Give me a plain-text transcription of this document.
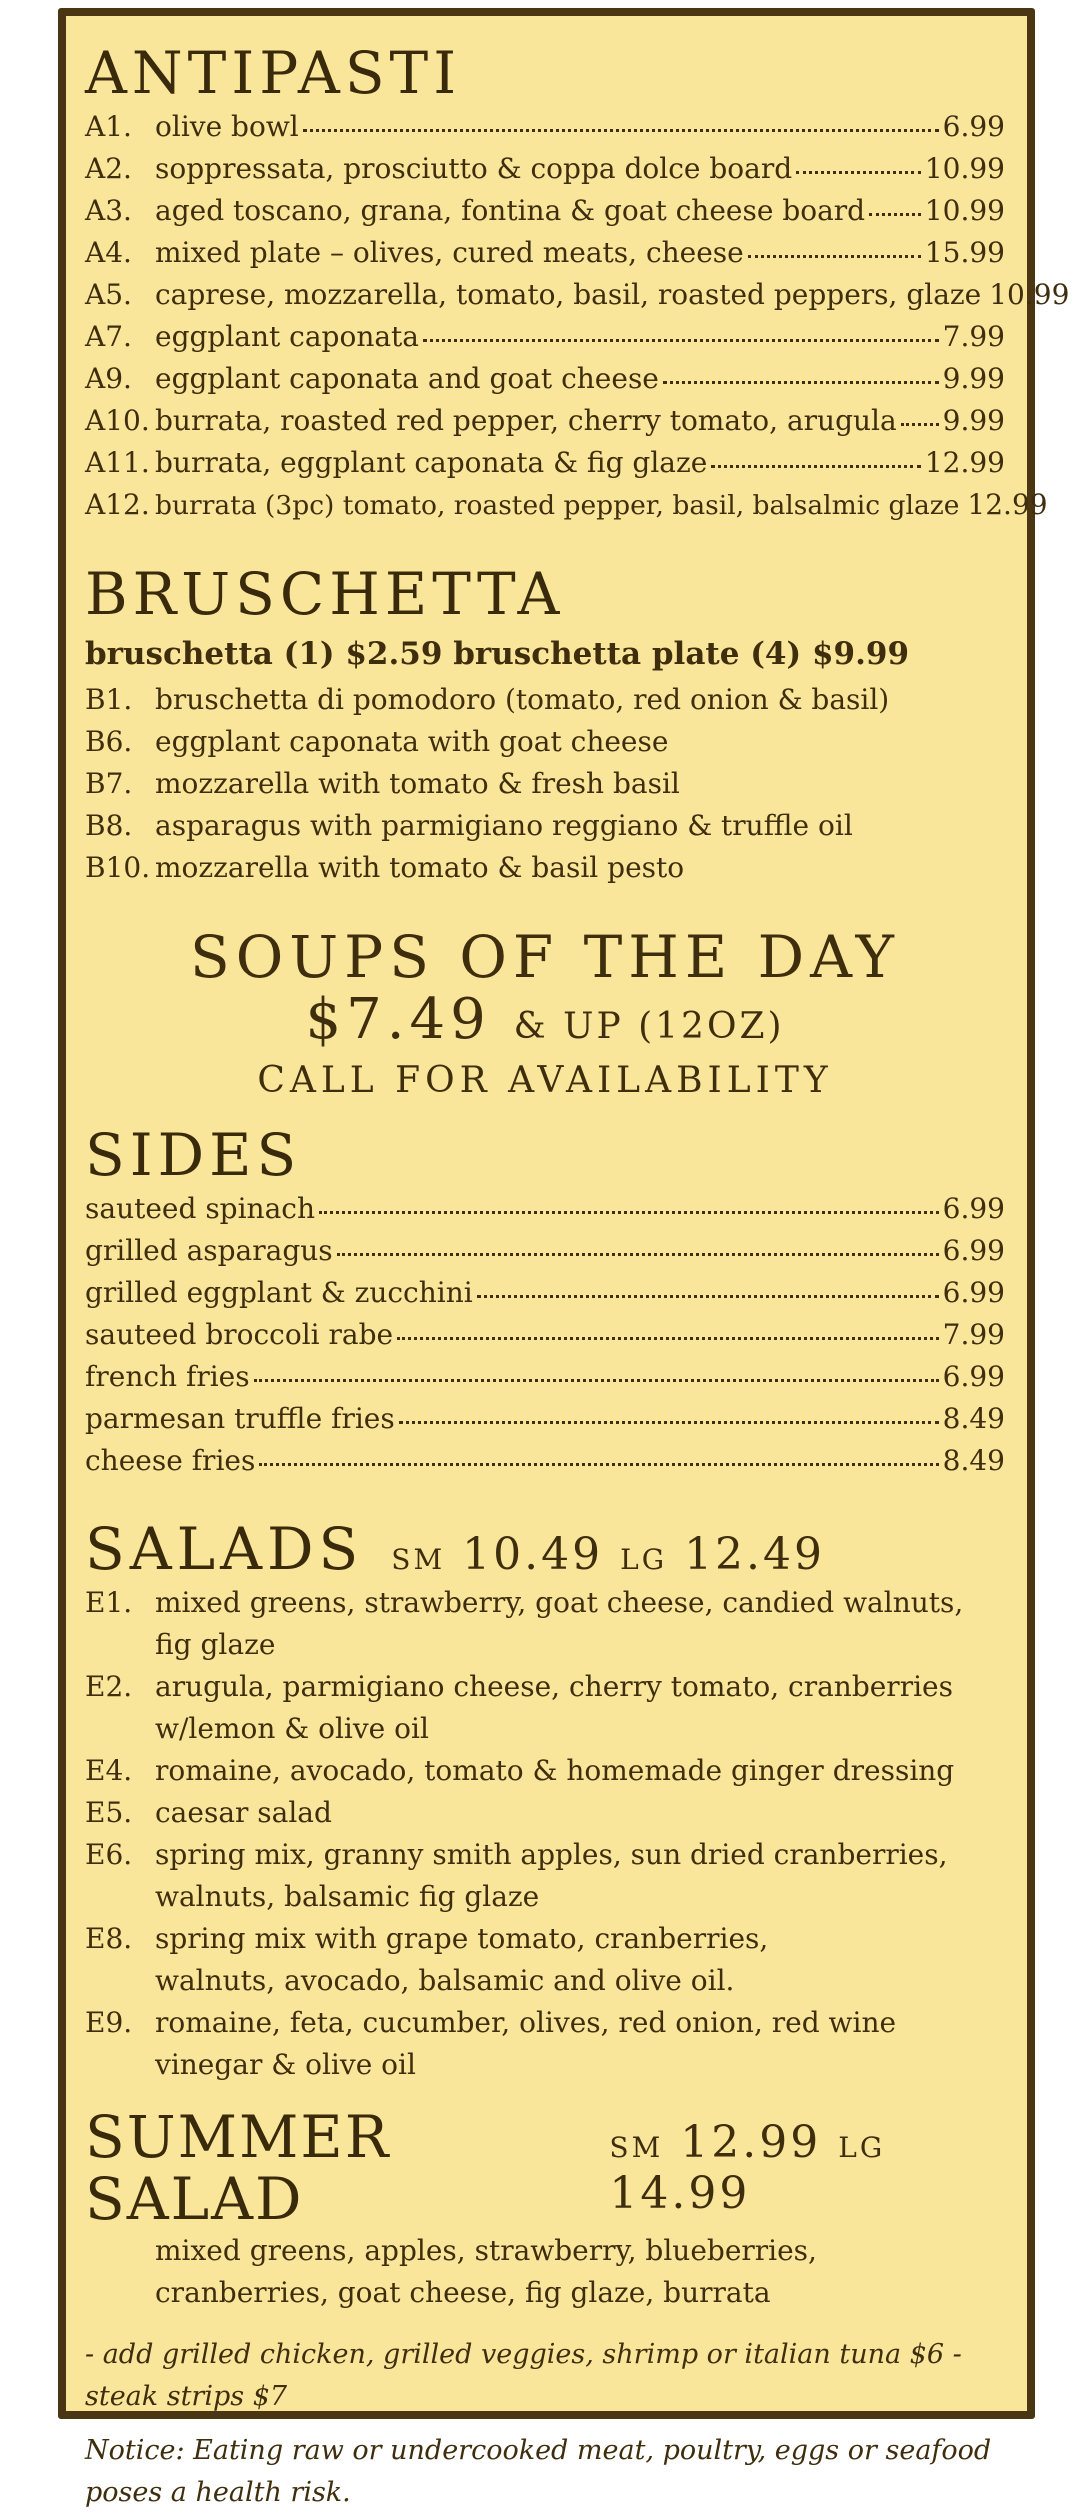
ANTIPASTI
A1. olive bowl	6.99
A2. soppressata, prosciutto & coppa dolce board	10.99
A3. aged toscano, grana, fontina & goat cheese board 10.99
A4. mixed plate – olives, cured meats, cheese	15.99
A5. caprese, mozzarella, tomato, basil, roasted peppers, glaze 10.99
A7. eggplant caponata	7.99
A9. eggplant caponata and goat cheese	9.99
A10. burrata, roasted red pepper, cherry tomato, arugula 9.99
A11. burrata, eggplant caponata & fig glaze	12.99
A12. burrata (3pc) tomato, roasted pepper, basil, balsalmic glaze 12.99
BRUSCHETTA
bruschetta (1) $2.59 bruschetta plate (4) $9.99
B1. bruschetta di pomodoro (tomato, red onion & basil)
B6. eggplant caponata with goat cheese
B7. mozzarella with tomato & fresh basil
B8. asparagus with parmigiano reggiano & truffle oil
B10. mozzarella with tomato & basil pesto
SOUPS OF THE DAY
$7.49 & UP (12OZ)
CALL FOR AVAILABILITY
SIDES
sauteed spinach	6.99
grilled asparagus	6.99
grilled eggplant & zucchini	6.99
sauteed broccoli rabe	7.99
french fries	6.99
parmesan truffle fries	8.49
cheese fries	8.49
SALADS SM 10.49 LG 12.49
E1. mixed greens, strawberry, goat cheese, candied walnuts, fig glaze
E2. arugula, parmigiano cheese, cherry tomato, cranberries w/lemon & olive oil
E4. romaine, avocado, tomato & homemade ginger dressing
E5. caesar salad
E6. spring mix, granny smith apples, sun dried cranberries, walnuts, balsamic fig glaze
E8. spring mix with grape tomato, cranberries, walnuts, avocado, balsamic and olive oil.
E9. romaine, feta, cucumber, olives, red onion, red wine vinegar & olive oil
SUMMER SALAD
SM 12.99 LG 14.99
mixed greens, apples, strawberry, blueberries, cranberries, goat cheese, fig glaze, burrata
- add grilled chicken, grilled veggies, shrimp or italian tuna $6 - steak strips $7
Notice: Eating raw or undercooked meat, poultry, eggs or seafood poses a health risk.
